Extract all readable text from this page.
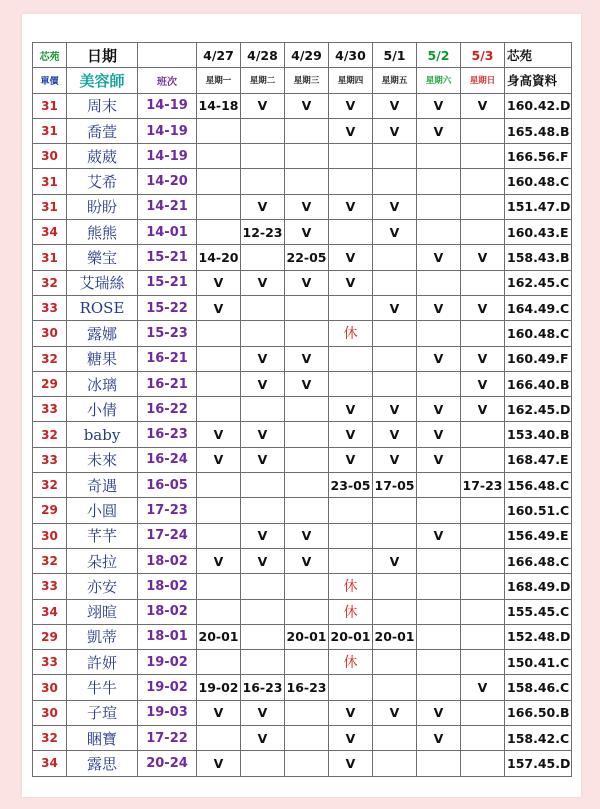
芯苑	日期		4/27	4/28	4/29	4/30	5/1	5/2	5/3	芯苑
單價	美容師	班次	星期一	星期二	星期三	星期四	星期五	星期六	星期日	身高資料
31	周末	14-19	14-18	V	V	V	V	V	V	160.42.D
31	喬萱	14-19				V	V	V		165.48.B
30	葳葳	14-19								166.56.F
31	艾希	14-20								160.48.C
31	盼盼	14-21		V	V	V	V			151.47.D
34	熊熊	14-01		12-23	V		V			160.43.E
31	樂宝	15-21	14-20		22-05	V		V	V	158.43.B
32	艾瑞絲	15-21	V	V	V	V				162.45.C
33	ROSE	15-22	V				V	V	V	164.49.C
30	露娜	15-23				休				160.48.C
32	糖果	16-21		V	V			V	V	160.49.F
29	冰璃	16-21		V	V				V	166.40.B
33	小倩	16-22				V	V	V	V	162.45.D
32	baby	16-23	V	V		V	V	V		153.40.B
33	未來	16-24	V	V		V	V	V		168.47.E
32	奇遇	16-05				23-05	17-05		17-23	156.48.C
29	小圓	17-23								160.51.C
30	芊芊	17-24		V	V			V		156.49.E
32	朵拉	18-02	V	V	V		V			166.48.C
33	亦安	18-02				休				168.49.D
34	翊暄	18-02				休				155.45.C
29	凱蒂	18-01	20-01		20-01	20-01	20-01			152.48.D
33	許妍	19-02				休				150.41.C
30	牛牛	19-02	19-02	16-23	16-23				V	158.46.C
30	子瑄	19-03	V	V		V	V	V		166.50.B
32	睏寶	17-22		V		V		V		158.42.C
34	露思	20-24	V			V				157.45.D
